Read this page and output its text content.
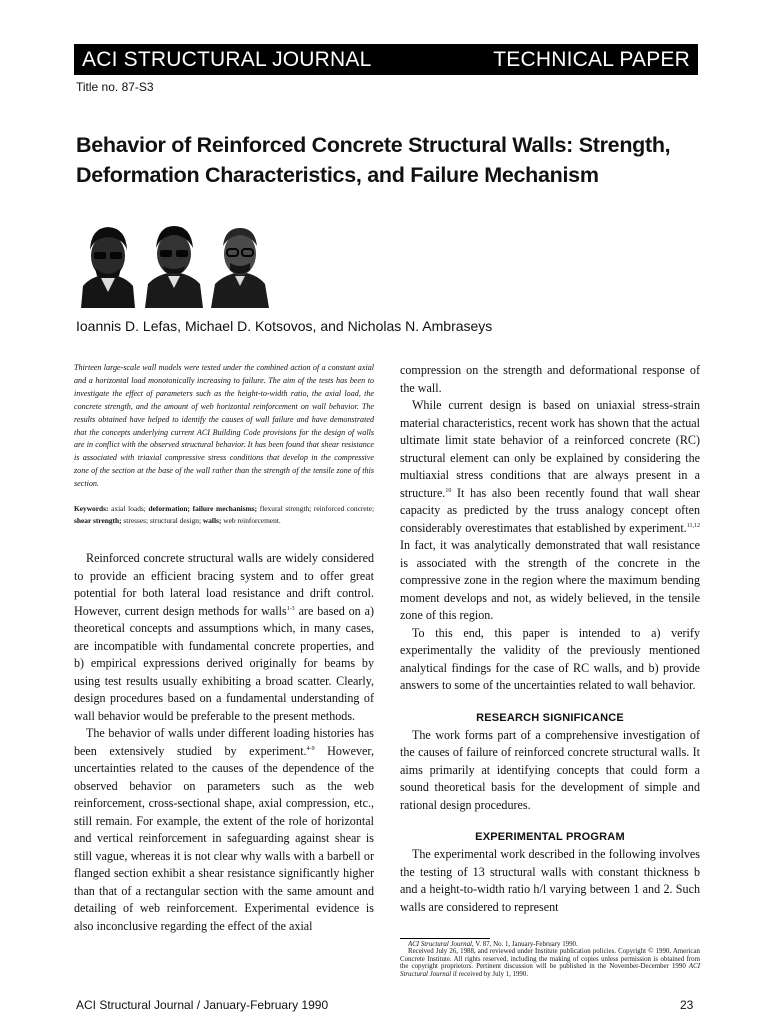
ACI STRUCTURAL JOURNAL	TECHNICAL PAPER
Title no. 87-S3
Behavior of Reinforced Concrete Structural Walls: Strength,
Deformation Characteristics, and Failure Mechanism
Ioannis D. Lefas, Michael D. Kotsovos, and Nicholas N. Ambraseys
Thirteen large-scale wall models were tested under the combined action of a constant axial and a horizontal load monotonically increasing to failure. The aim of the tests has been to investigate the effect of parameters such as the height-to-width ratio, the axial load, the concrete strength, and the amount of web horizontal reinforcement on wall behavior. The results obtained have helped to identify the causes of wall failure and have demonstrated that the concepts underlying current ACI Building Code provisions for the design of walls are in conflict with the observed structural behavior. It has been found that shear resistance is associated with triaxial compressive stress conditions that develop in the compressive zone of the section at the base of the wall rather than the strength of the tensile zone of this section.
Keywords: axial loads; deformation; failure mechanisms; flexural strength; reinforced concrete; shear strength; stresses; structural design; walls; web reinforcement.

Reinforced concrete structural walls are widely considered to provide an efficient bracing system and to offer great potential for both lateral load resistance and drift control. However, current design methods for walls$^{1-3}$ are based on a) theoretical concepts and assumptions which, in many cases, are incompatible with fundamental concrete properties, and b) empirical expressions derived originally for beams by using test results usually exhibiting a broad scatter. Clearly, design procedures based on a fundamental understanding of wall behavior would be preferable to the present methods.

The behavior of walls under different loading histories has been extensively studied by experiment.$^{4-9}$ However, uncertainties related to the causes of the dependence of the observed behavior on parameters such as the web reinforcement, cross-sectional shape, axial compression, etc., still remain. For example, the extent of the role of horizontal and vertical reinforcement in safeguarding against shear is still vague, whereas it is not clear why walls with a barbell or flanged section exhibit a shear resistance significantly higher than that of a rectangular section with the same amount and detailing of web reinforcement. Experimental evidence is also inconclusive regarding the effect of the axial

compression on the strength and deformational response of the wall.

While current design is based on uniaxial stress-strain material characteristics, recent work has shown that the actual ultimate limit state behavior of a reinforced concrete (RC) structural element can only be explained by considering the multiaxial stress conditions that are always present in a structure.$^{10}$ It has also been recently found that wall shear capacity as predicted by the truss analogy concept often considerably overestimates that established by experiment.$^{11,12}$ In fact, it was analytically demonstrated that wall resistance is associated with the strength of the concrete in the compressive zone in the region where the maximum bending moment develops and not, as widely believed, in the tensile zone of this region.

To this end, this paper is intended to a) verify experimentally the validity of the previously mentioned analytical findings for the case of RC walls, and b) provide answers to some of the uncertainties related to wall behavior.

RESEARCH SIGNIFICANCE

The work forms part of a comprehensive investigation of the causes of failure of reinforced concrete structural walls. It aims primarily at identifying concepts that could form a sound theoretical basis for the development of simple and rational design procedures.

EXPERIMENTAL PROGRAM

The experimental work described in the following involves the testing of 13 structural walls with constant thickness b and a height-to-width ratio h/l varying between 1 and 2. Such walls are considered to represent

ACI Structural Journal, V. 87, No. 1, January-February 1990.
Received July 26, 1988, and reviewed under Institute publication policies. Copyright © 1990, American Concrete Institute. All rights reserved, including the making of copies unless permission is obtained from the copyright proprietors. Pertinent discussion will be published in the November-December 1990 ACI Structural Journal if received by July 1, 1990.
ACI Structural Journal / January-February 1990	23
